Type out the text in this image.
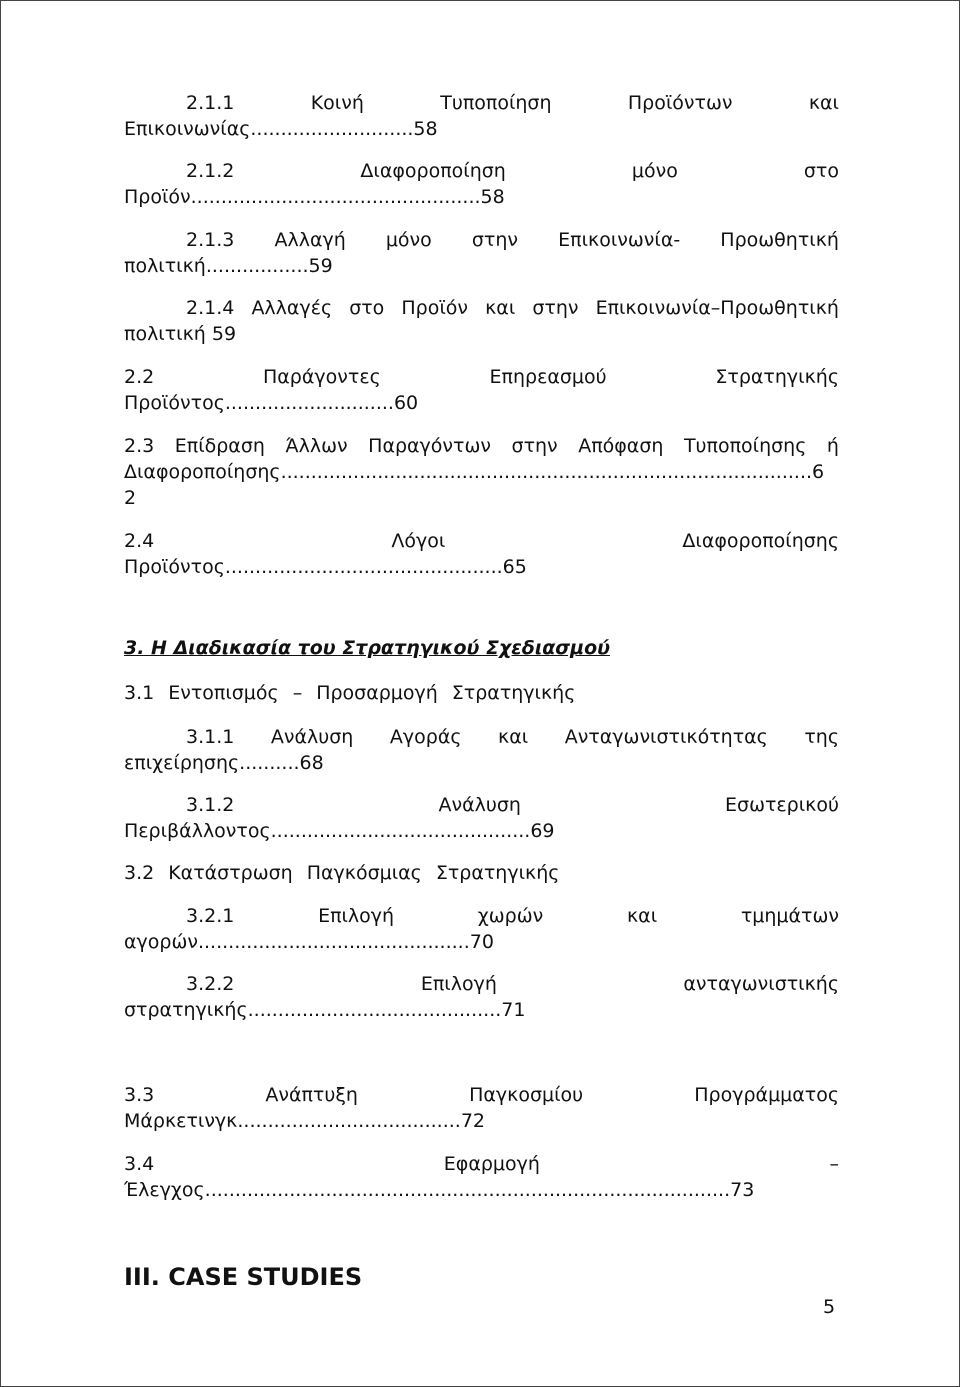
2.1.1	Κοινή	Τυποποίηση	Προϊόντων	και
Επικοινωνίας...........................58
2.1.2	Διαφοροποίηση	μόνο	στο
Προϊόν................................................58
2.1.3 Αλλαγή μόνο στην Επικοινωνία- Προωθητική
πολιτική.................59
2.1.4 Αλλαγές στο Προϊόν και στην Επικοινωνία–Προωθητική
πολιτική 59
2.2	Παράγοντες	Επηρεασμού	Στρατηγικής
Προϊόντος............................60
2.3 Επίδραση Άλλων Παραγόντων στην Απόφαση Τυποποίησης ή
Διαφοροποίησης........................................................................................6
2
2.4	Λόγοι	Διαφοροποίησης
Προϊόντος..............................................65
3.1 Εντοπισμός – Προσαρμογή Στρατηγικής
3.1.1 Ανάλυση Αγοράς και Ανταγωνιστικότητας της
επιχείρησης..........68
3.1.2	Ανάλυση	Εσωτερικού
Περιβάλλοντος...........................................69
3.2 Κατάστρωση Παγκόσμιας Στρατηγικής
3.2.1	Επιλογή	χωρών	και	τμημάτων
αγορών.............................................70
3.2.2	Επιλογή	ανταγωνιστικής
στρατηγικής..........................................71
3.3	Ανάπτυξη	Παγκοσμίου	Προγράμματος
Μάρκετινγκ.....................................72
3.4	Εφαρμογή	–
Έλεγχος.......................................................................................73
3. Η Διαδικασία του Στρατηγικού Σχεδιασμού
III. CASE STUDIES
5
